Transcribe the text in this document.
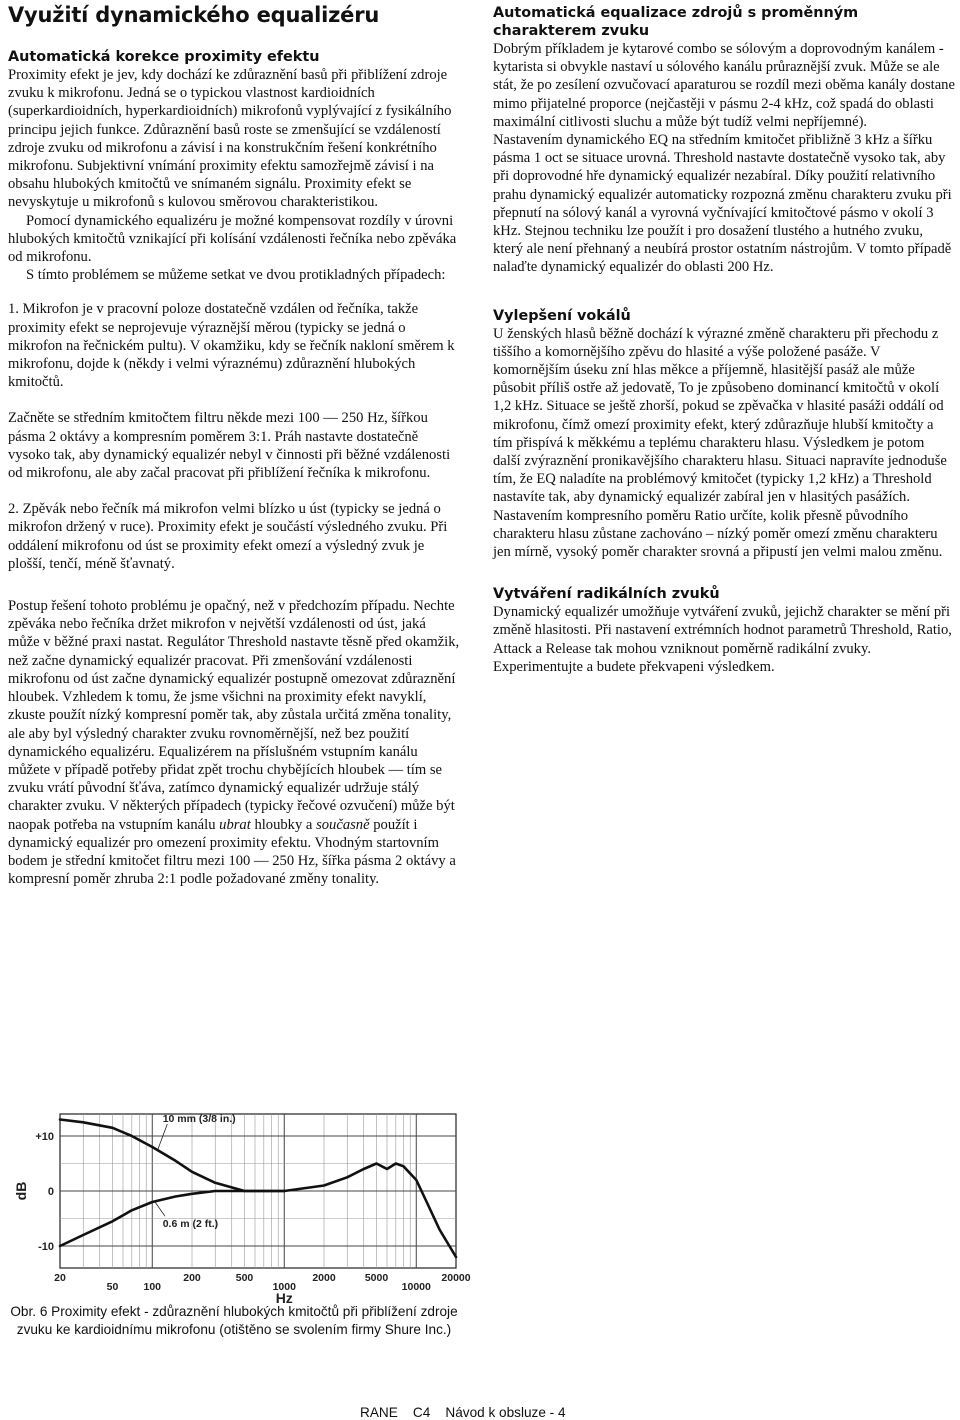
Využití dynamického equalizéru
Automatická korekce proximity efektu

Proximity efekt je jev, kdy dochází ke zdůraznění basů při přiblížení zdroje zvuku k mikrofonu. Jedná se o typickou vlastnost kardioidních (superkardioidních, hyperkardioidních) mikrofonů vyplývající z fysikálního principu jejich funkce. Zdůraznění basů roste se zmenšující se vzdáleností zdroje zvuku od mikrofonu a závisí i na konstrukčním řešení konkrétního mikrofonu. Subjektivní vnímání proximity efektu samozřejmě závisí i na obsahu hlubokých kmitočtů ve snímaném signálu. Proximity efekt se nevyskytuje u mikrofonů s kulovou směrovou charakteristikou.

Pomocí dynamického equalizéru je možné kompensovat rozdíly v úrovni hlubokých kmitočtů vznikající při kolísání vzdálenosti řečníka nebo zpěváka od mikrofonu.

S tímto problémem se můžeme setkat ve dvou protikladných případech:

1. Mikrofon je v pracovní poloze dostatečně vzdálen od řečníka, takže proximity efekt se neprojevuje výraznější měrou (typicky se jedná o mikrofon na řečnickém pultu). V okamžiku, kdy se řečník nakloní směrem k mikrofonu, dojde k (někdy i velmi výraznému) zdůraznění hlubokých kmitočtů.

Začněte se středním kmitočtem filtru někde mezi 100 — 250 Hz, šířkou pásma 2 oktávy a kompresním poměrem 3:1. Práh nastavte dostatečně vysoko tak, aby dynamický equalizér nebyl v činnosti při běžné vzdálenosti od mikrofonu, ale aby začal pracovat při přiblížení řečníka k mikrofonu.

2. Zpěvák nebo řečník má mikrofon velmi blízko u úst (typicky se jedná o mikrofon držený v ruce). Proximity efekt je součástí výsledného zvuku. Při oddálení mikrofonu od úst se proximity efekt omezí a výsledný zvuk je plošší, tenčí, méně šťavnatý.

Postup řešení tohoto problému je opačný, než v předchozím případu. Nechte zpěváka nebo řečníka držet mikrofon v největší vzdálenosti od úst, jaká může v běžné praxi nastat. Regulátor Threshold nastavte těsně před okamžik, než začne dynamický equalizér pracovat. Při zmenšování vzdálenosti mikrofonu od úst začne dynamický equalizér postupně omezovat zdůraznění hloubek. Vzhledem k tomu, že jsme všichni na proximity efekt navyklí, zkuste použít nízký kompresní poměr tak, aby zůstala určitá změna tonality, ale aby byl výsledný charakter zvuku rovnoměrnější, než bez použití dynamického equalizéru. Equalizérem na příslušném vstupním kanálu můžete v případě potřeby přidat zpět trochu chybějících hloubek — tím se zvuku vrátí původní šťáva, zatímco dynamický equalizér udržuje stálý charakter zvuku. V některých případech (typicky řečové ozvučení) může být naopak potřeba na vstupním kanálu ubrat hloubky a současně použít i dynamický equalizér pro omezení proximity efektu. Vhodným startovním bodem je střední kmitočet filtru mezi 100 — 250 Hz, šířka pásma 2 oktávy a kompresní poměr zhruba 2:1 podle požadované změny tonality.

Automatická equalizace zdrojů s proměnným charakterem zvuku

Dobrým příkladem je kytarové combo se sólovým a doprovodným kanálem - kytarista si obvykle nastaví u sólového kanálu průraznější zvuk. Může se ale stát, že po zesílení ozvučovací aparaturou se rozdíl mezi oběma kanály dostane mimo přijatelné proporce (nejčastěji v pásmu 2-4 kHz, což spadá do oblasti maximální citlivosti sluchu a může být tudíž velmi nepříjemné).

Nastavením dynamického EQ na středním kmitočet přibližně 3 kHz a šířku pásma 1 oct se situace urovná. Threshold nastavte dostatečně vysoko tak, aby při doprovodné hře dynamický equalizér nezabíral. Díky použití relativního prahu dynamický equalizér automaticky rozpozná změnu charakteru zvuku při přepnutí na sólový kanál a vyrovná vyčnívající kmitočtové pásmo v okolí 3 kHz. Stejnou techniku lze použít i pro dosažení tlustého a hutného zvuku, který ale není přehnaný a neubírá prostor ostatním nástrojům. V tomto případě nalaďte dynamický equalizér do oblasti 200 Hz.

Vylepšení vokálů

U ženských hlasů běžně dochází k výrazné změně charakteru při přechodu z tiššího a komornějšího zpěvu do hlasité a výše položené pasáže. V komornějším úseku zní hlas měkce a příjemně, hlasitější pasáž ale může působit příliš ostře až jedovatě, To je způsobeno dominancí kmitočtů v okolí 1,2 kHz. Situace se ještě zhorší, pokud se zpěvačka v hlasité pasáži oddálí od mikrofonu, čímž omezí proximity efekt, který zdůrazňuje hlubší kmitočty a tím přispívá k měkkému a teplému charakteru hlasu. Výsledkem je potom další zvýraznění pronikavějšího charakteru hlasu. Situaci napravíte jednoduše tím, že EQ naladíte na problémový kmitočet (typicky 1,2 kHz) a Threshold nastavíte tak, aby dynamický equalizér zabíral jen v hlasitých pasážích. Nastavením kompresního poměru Ratio určíte, kolik přesně původního charakteru hlasu zůstane zachováno – nízký poměr omezí změnu charakteru jen mírně, vysoký poměr charakter srovná a připustí jen velmi malou změnu.

Vytváření radikálních zvuků

Dynamický equalizér umožňuje vytváření zvuků, jejichž charakter se mění při změně hlasitosti. Při nastavení extrémních hodnot parametrů Threshold, Ratio, Attack a Release tak mohou vzniknout poměrně radikální zvuky. Experimentujte a budete překvapeni výsledkem.

+10
0
-10
dB
20	200	500	2000	5000	20000
50 100	1000	10000
Hz
10 mm (3/8 in.)
0.6 m (2 ft.)
Obr. 6 Proximity efekt - zdůraznění hlubokých kmitočtů při přiblížení zdroje zvuku ke kardioidnímu mikrofonu (otištěno se svolením firmy Shure Inc.)
RANE C4 Návod k obsluze - 4
